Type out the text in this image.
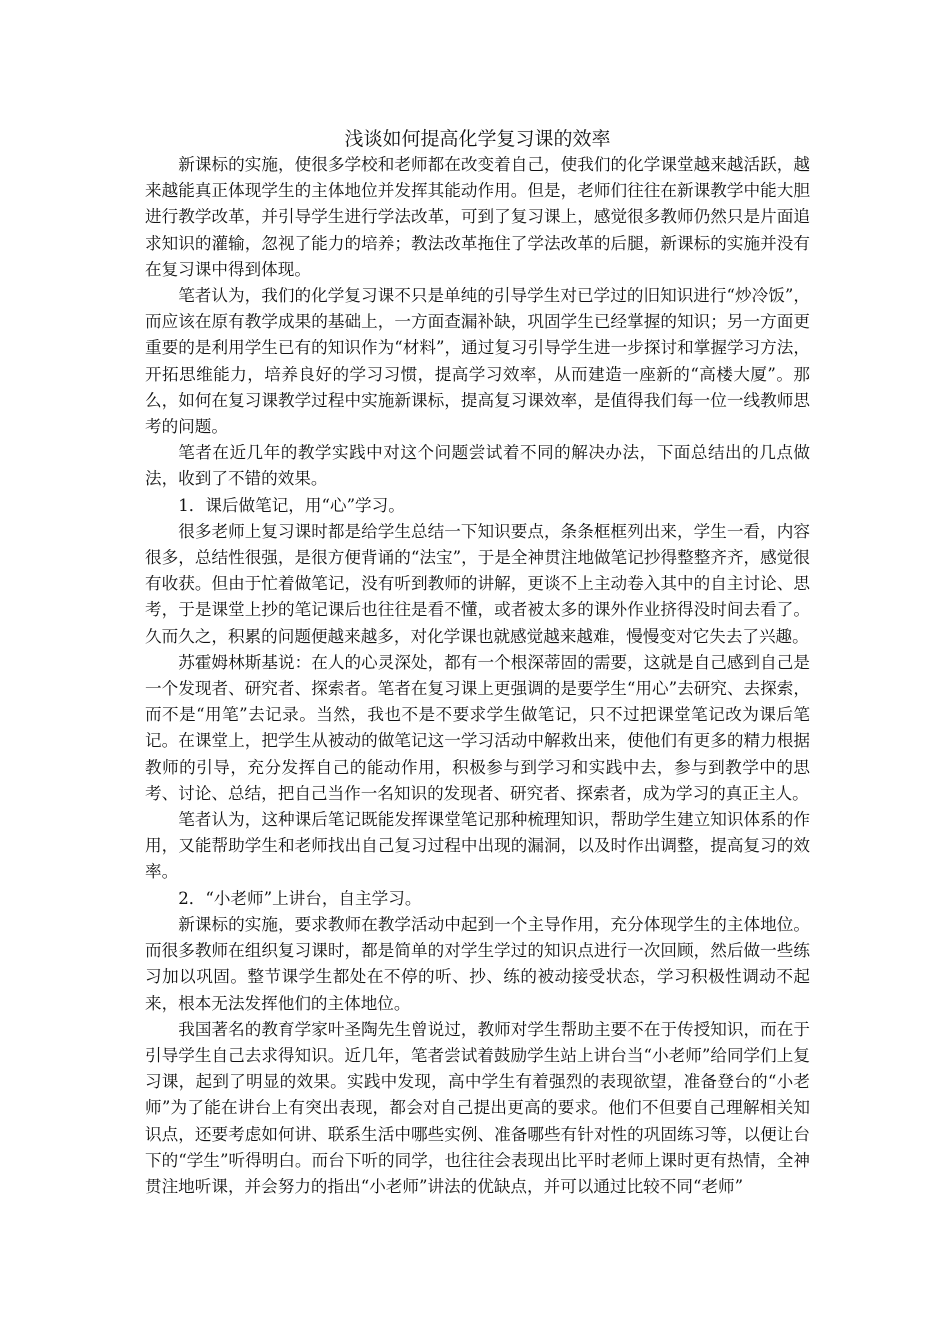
浅谈如何提高化学复习课的效率

新课标的实施，使很多学校和老师都在改变着自己，使我们的化学课堂越来越活跃，越来越能真正体现学生的主体地位并发挥其能动作用。但是，老师们往往在新课教学中能大胆进行教学改革，并引导学生进行学法改革，可到了复习课上，感觉很多教师仍然只是片面追求知识的灌输，忽视了能力的培养；教法改革拖住了学法改革的后腿，新课标的实施并没有在复习课中得到体现。

笔者认为，我们的化学复习课不只是单纯的引导学生对已学过的旧知识进行“炒冷饭”，而应该在原有教学成果的基础上，一方面查漏补缺，巩固学生已经掌握的知识；另一方面更重要的是利用学生已有的知识作为“材料”，通过复习引导学生进一步探讨和掌握学习方法，开拓思维能力，培养良好的学习习惯，提高学习效率，从而建造一座新的“高楼大厦”。那么，如何在复习课教学过程中实施新课标，提高复习课效率，是值得我们每一位一线教师思考的问题。

笔者在近几年的教学实践中对这个问题尝试着不同的解决办法，下面总结出的几点做法，收到了不错的效果。

1．课后做笔记，用“心”学习。

很多老师上复习课时都是给学生总结一下知识要点，条条框框列出来，学生一看，内容很多，总结性很强，是很方便背诵的“法宝”，于是全神贯注地做笔记抄得整整齐齐，感觉很有收获。但由于忙着做笔记，没有听到教师的讲解，更谈不上主动卷入其中的自主讨论、思考，于是课堂上抄的笔记课后也往往是看不懂，或者被太多的课外作业挤得没时间去看了。久而久之，积累的问题便越来越多，对化学课也就感觉越来越难，慢慢变对它失去了兴趣。

苏霍姆林斯基说：在人的心灵深处，都有一个根深蒂固的需要，这就是自己感到自己是一个发现者、研究者、探索者。笔者在复习课上更强调的是要学生“用心”去研究、去探索，而不是“用笔”去记录。当然，我也不是不要求学生做笔记，只不过把课堂笔记改为课后笔记。在课堂上，把学生从被动的做笔记这一学习活动中解救出来，使他们有更多的精力根据教师的引导，充分发挥自己的能动作用，积极参与到学习和实践中去，参与到教学中的思考、讨论、总结，把自己当作一名知识的发现者、研究者、探索者，成为学习的真正主人。

笔者认为，这种课后笔记既能发挥课堂笔记那种梳理知识，帮助学生建立知识体系的作用，又能帮助学生和老师找出自己复习过程中出现的漏洞，以及时作出调整，提高复习的效率。

2．“小老师”上讲台，自主学习。

新课标的实施，要求教师在教学活动中起到一个主导作用，充分体现学生的主体地位。而很多教师在组织复习课时，都是简单的对学生学过的知识点进行一次回顾，然后做一些练习加以巩固。整节课学生都处在不停的听、抄、练的被动接受状态，学习积极性调动不起来，根本无法发挥他们的主体地位。

我国著名的教育学家叶圣陶先生曾说过，教师对学生帮助主要不在于传授知识，而在于引导学生自己去求得知识。近几年，笔者尝试着鼓励学生站上讲台当“小老师”给同学们上复习课，起到了明显的效果。实践中发现，高中学生有着强烈的表现欲望，准备登台的“小老师”为了能在讲台上有突出表现，都会对自己提出更高的要求。他们不但要自己理解相关知识点，还要考虑如何讲、联系生活中哪些实例、准备哪些有针对性的巩固练习等，以便让台下的“学生”听得明白。而台下听的同学，也往往会表现出比平时老师上课时更有热情，全神贯注地听课，并会努力的指出“小老师”讲法的优缺点，并可以通过比较不同“老师”
